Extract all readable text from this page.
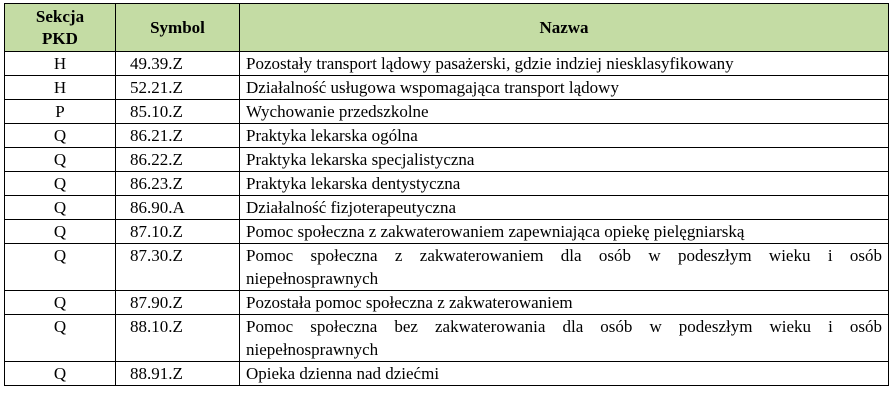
Sekcja
PKD	Symbol	Nazwa
H	49.39.Z	Pozostały transport lądowy pasażerski, gdzie indziej niesklasyfikowany
H	52.21.Z	Działalność usługowa wspomagająca transport lądowy
P	85.10.Z	Wychowanie przedszkolne
Q	86.21.Z	Praktyka lekarska ogólna
Q	86.22.Z	Praktyka lekarska specjalistyczna
Q	86.23.Z	Praktyka lekarska dentystyczna
Q	86.90.A	Działalność fizjoterapeutyczna
Q	87.10.Z	Pomoc społeczna z zakwaterowaniem zapewniająca opiekę pielęgniarską
Q	87.30.Z	Pomoc społeczna z zakwaterowaniem dla osób w podeszłym wieku i osób niepełnosprawnych
Q	87.90.Z	Pozostała pomoc społeczna z zakwaterowaniem
Q	88.10.Z	Pomoc społeczna bez zakwaterowania dla osób w podeszłym wieku i osób niepełnosprawnych
Q	88.91.Z	Opieka dzienna nad dziećmi
